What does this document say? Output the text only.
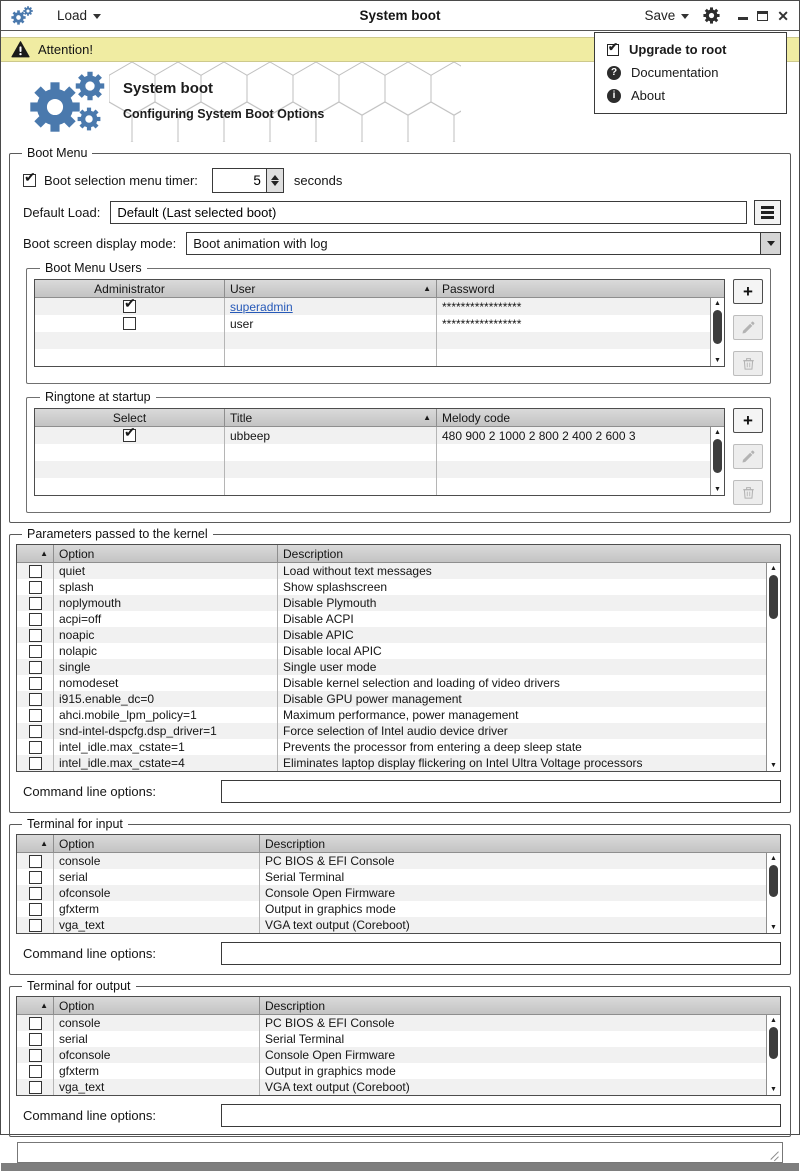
Load	System boot	Save	✕
Attention! ✔	Upgrade to root
?	Documentation
i	About
System boot
Configuring System Boot Options
Boot Menu
✔
Boot selection menu timer:
5	seconds
Default Load:
Default (Last selected boot)
Boot screen display mode:	Boot animation with log
Boot Menu Users
Administrator	User	▲ Password
✔
superadmin	*****************
user	*****************
▲
▼
+
Ringtone at startup
Select	Title	▲ Melody code
✔
ubbeep	480 900 2 1000 2 800 2 400 2 600 3	▲
▼
+
Parameters passed to the kernel
▲ Option	Description
quiet	Load without text messages
splash	Show splashscreen
noplymouth	Disable Plymouth
acpi=off	Disable ACPI
noapic	Disable APIC
nolapic	Disable local APIC
single	Single user mode
nomodeset	Disable kernel selection and loading of video drivers
i915.enable_dc=0	Disable GPU power management
ahci.mobile_lpm_policy=1	Maximum performance, power management
snd-intel-dspcfg.dsp_driver=1	Force selection of Intel audio device driver
intel_idle.max_cstate=1	Prevents the processor from entering a deep sleep state
intel_idle.max_cstate=4	Eliminates laptop display flickering on Intel Ultra Voltage processors
▲
▼
Command line options:
Terminal for input
▲ Option	Description
console	PC BIOS & EFI Console
serial	Serial Terminal
ofconsole	Console Open Firmware
gfxterm	Output in graphics mode
vga_text	VGA text output (Coreboot)
▲
▼
Command line options:
Terminal for output
▲ Option	Description
console	PC BIOS & EFI Console
serial	Serial Terminal
ofconsole	Console Open Firmware
gfxterm	Output in graphics mode
vga_text	VGA text output (Coreboot)
▲
▼
Command line options:
